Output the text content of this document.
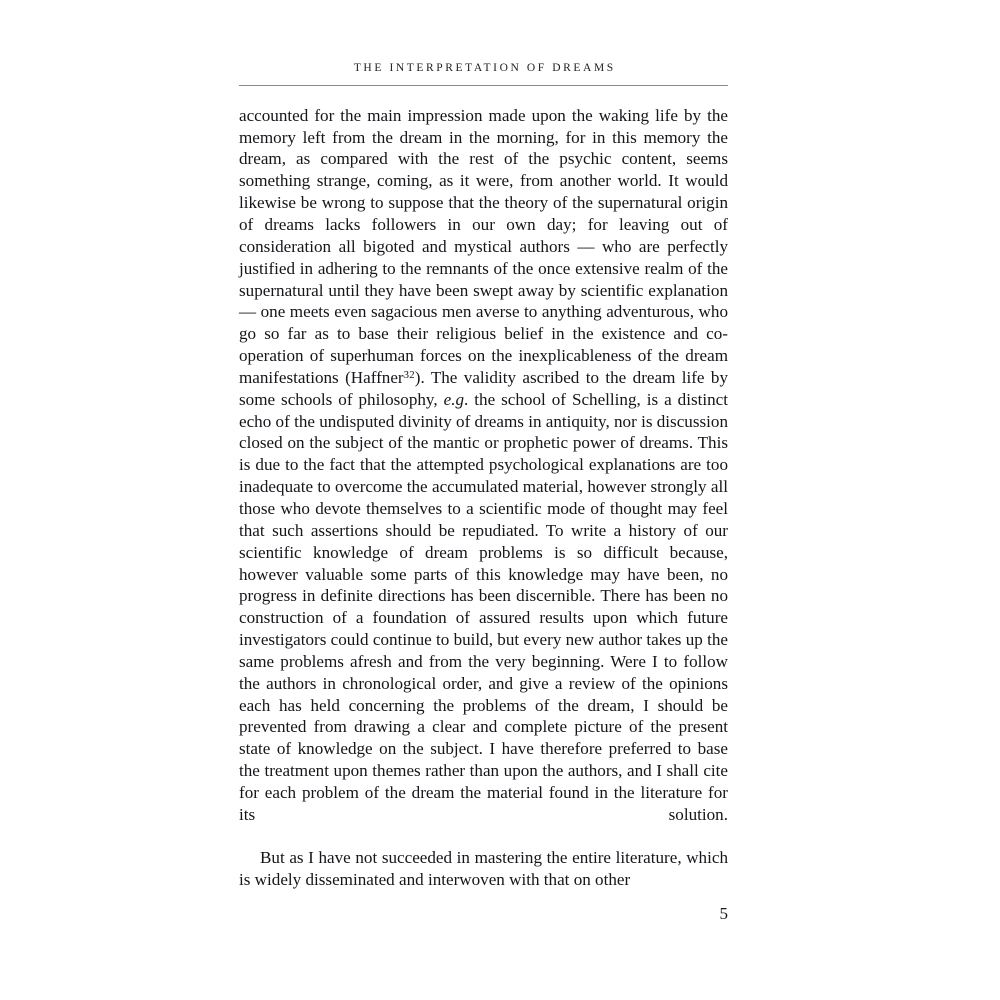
THE INTERPRETATION OF DREAMS

accounted for the main impression made upon the waking life by the memory left from the dream in the morning, for in this memory the dream, as compared with the rest of the psychic content, seems something strange, coming, as it were, from another world. It would likewise be wrong to suppose that the theory of the supernatural origin of dreams lacks followers in our own day; for leaving out of consideration all bigoted and mystical authors — who are perfectly justified in adhering to the remnants of the once extensive realm of the supernatural until they have been swept away by scientific explanation — one meets even sagacious men averse to anything adventurous, who go so far as to base their religious belief in the existence and co-operation of superhuman forces on the inexplicableness of the dream manifestations (Haffner$^{32}$). The validity ascribed to the dream life by some schools of philosophy, e.g. the school of Schelling, is a distinct echo of the undisputed divinity of dreams in antiquity, nor is discussion closed on the subject of the mantic or prophetic power of dreams. This is due to the fact that the attempted psychological explanations are too inadequate to overcome the accumulated material, however strongly all those who devote themselves to a scientific mode of thought may feel that such assertions should be repudiated. To write a history of our scientific knowledge of dream problems is so difficult because, however valuable some parts of this knowledge may have been, no progress in definite directions has been discernible. There has been no construction of a foundation of assured results upon which future investigators could continue to build, but every new author takes up the same problems afresh and from the very beginning. Were I to follow the authors in chronological order, and give a review of the opinions each has held concerning the problems of the dream, I should be prevented from drawing a clear and complete picture of the present state of knowledge on the subject. I have therefore preferred to base the treatment upon themes rather than upon the authors, and I shall cite for each problem of the dream the material found in the literature for its solution.

But as I have not succeeded in mastering the entire literature, which is widely disseminated and interwoven with that on other

5
